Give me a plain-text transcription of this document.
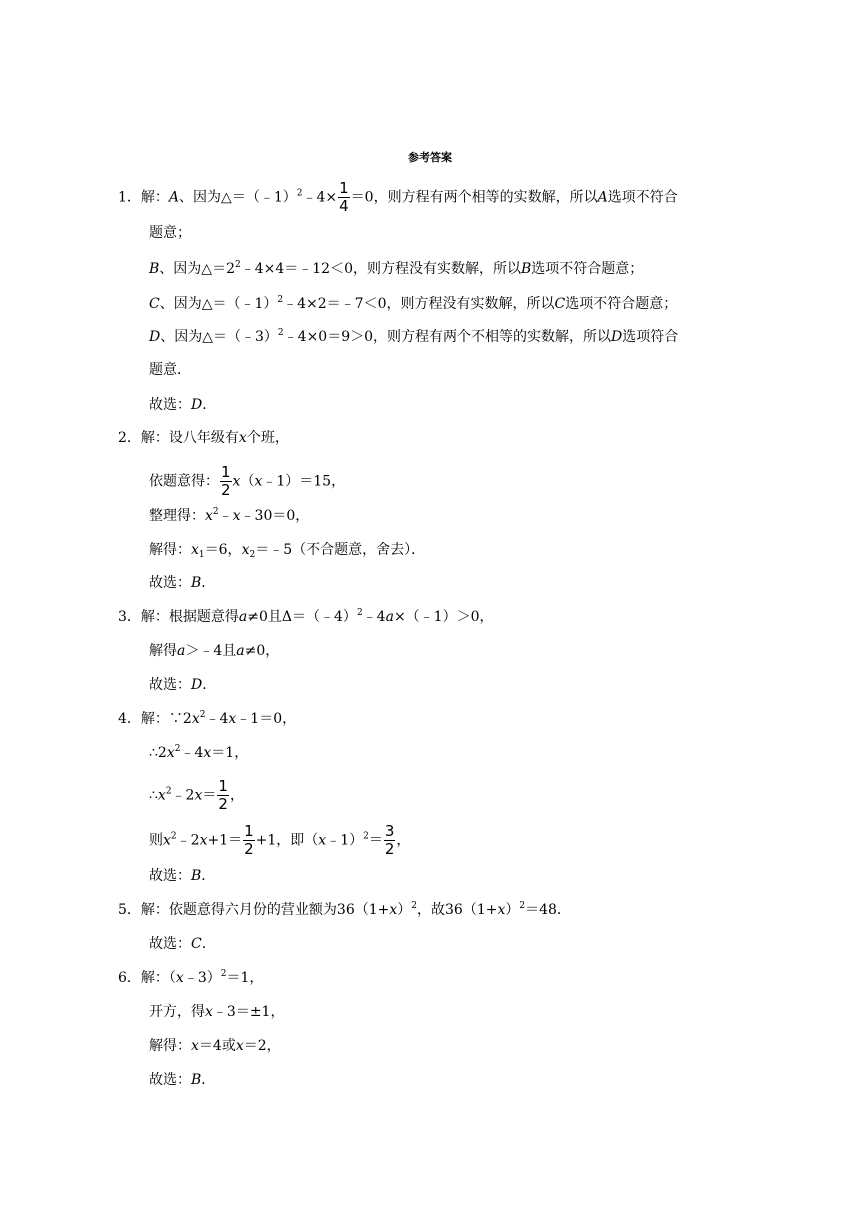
参考答案
1．解：A、因为△＝（﹣1）$^2$﹣4× $\frac{1}{4} =0$，则方程有两个相等的实数解，所以A选项不符合
题意；
B、因为$\triangle=2^2﹣4\times 4=﹣12<0$，则方程没有实数解，所以B选项不符合题意；
C、因为△＝（﹣1）$^2$﹣4×2＝﹣7＜0，则方程没有实数解，所以C选项不符合题意；
D、因为△＝（﹣3）$^2$﹣4×0＝9＞0，则方程有两个不相等的实数解，所以D选项符合
题意．
故选：D．
2．解：设八年级有x个班，
依题意得： $\frac{1}{2}$ x（x﹣1）＝15，
整理得：$x^2﹣x﹣30=0$，
解得：$x_1=6$，$x_2=﹣5$（不合题意，舍去）．
故选：B．
3．解：根据题意得a≠0且Δ＝（﹣4）$^2$﹣4a×（﹣1）＞0，
解得a＞﹣4且a≠0，
故选：D．
4．解：$\because 2x^2﹣4x﹣1=0$，
$\therefore 2x^2﹣4x=1$，
$\therefore x^2﹣2x= \frac{1}{2}$ ，
则$x^2﹣2x+1= \frac{1}{2} +1$，即（x﹣1）$^2$＝ $\frac{3}{2}$ ，
故选：B．
5．解：依题意得六月份的营业额为$36(1+x)^2$，故$36(1+x)^2=48$．
故选：C．
6．解：（x﹣3）$^2$＝1，
开方，得x﹣3＝±1，
解得：x＝4或x＝2，
故选：B．
